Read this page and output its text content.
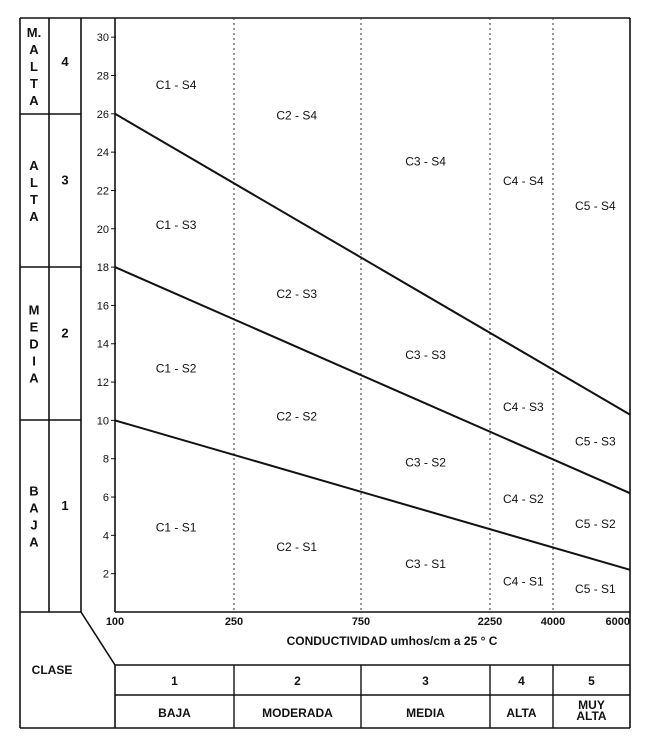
M.
A
L
T
A
4
A
L
T
A
3
M
E
D
I
A
2
B
A
J
A
1
2
4
6
8
10
12
14
16
18
20
22
24
26
28
30
C1 - S4
C1 - S3
C1 - S2
C1 - S1
C2 - S4
C2 - S3
C2 - S2
C2 - S1
C3 - S4
C3 - S3
C3 - S2
C3 - S1
C4 - S4
C4 - S3
C4 - S2
C4 - S1
C5 - S4
C5 - S3
C5 - S2
C5 - S1
100	250	750	2250	4000	6000
CONDUCTIVIDAD umhos/cm a 25 ° C
CLASE
1
BAJA
2
MODERADA
3
MEDIA
4
ALTA
5
MUY
ALTA
